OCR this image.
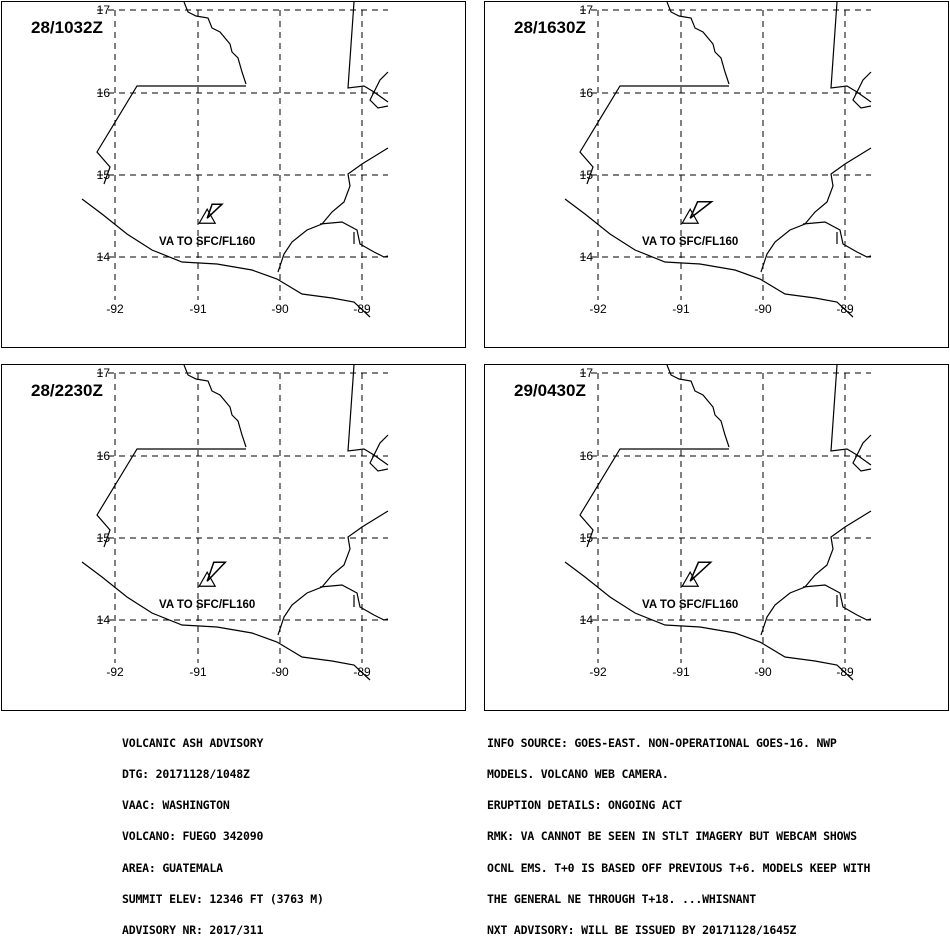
-92	-91	-90	-89
17
16
15
14
VA TO SFC/FL160
28/1032Z
-92	-91	-90	-89
17
16
15
14
VA TO SFC/FL160
28/1630Z
-92	-91	-90	-89
17
16
15
14
VA TO SFC/FL160
28/2230Z
-92	-91	-90	-89
17
16
15
14
VA TO SFC/FL160
29/0430Z

VOLCANIC ASH ADVISORY

DTG: 20171128/1048Z

VAAC: WASHINGTON

VOLCANO: FUEGO 342090

AREA: GUATEMALA

SUMMIT ELEV: 12346 FT (3763 M)

ADVISORY NR: 2017/311

INFO SOURCE: GOES-EAST. NON-OPERATIONAL GOES-16. NWP

MODELS. VOLCANO WEB CAMERA.

ERUPTION DETAILS: ONGOING ACT

RMK: VA CANNOT BE SEEN IN STLT IMAGERY BUT WEBCAM SHOWS

OCNL EMS. T+0 IS BASED OFF PREVIOUS T+6. MODELS KEEP WITH

THE GENERAL NE THROUGH T+18. ...WHISNANT

NXT ADVISORY: WILL BE ISSUED BY 20171128/1645Z
